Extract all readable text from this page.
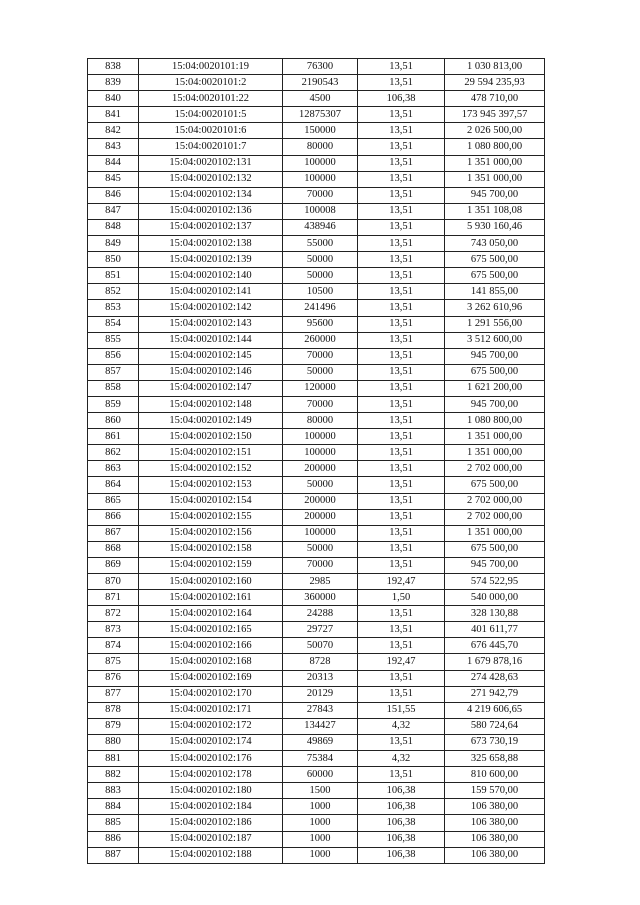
838	15:04:0020101:19	76300	13,51	1 030 813,00
839	15:04:0020101:2	2190543	13,51	29 594 235,93
840	15:04:0020101:22	4500	106,38	478 710,00
841	15:04:0020101:5	12875307	13,51	173 945 397,57
842	15:04:0020101:6	150000	13,51	2 026 500,00
843	15:04:0020101:7	80000	13,51	1 080 800,00
844	15:04:0020102:131	100000	13,51	1 351 000,00
845	15:04:0020102:132	100000	13,51	1 351 000,00
846	15:04:0020102:134	70000	13,51	945 700,00
847	15:04:0020102:136	100008	13,51	1 351 108,08
848	15:04:0020102:137	438946	13,51	5 930 160,46
849	15:04:0020102:138	55000	13,51	743 050,00
850	15:04:0020102:139	50000	13,51	675 500,00
851	15:04:0020102:140	50000	13,51	675 500,00
852	15:04:0020102:141	10500	13,51	141 855,00
853	15:04:0020102:142	241496	13,51	3 262 610,96
854	15:04:0020102:143	95600	13,51	1 291 556,00
855	15:04:0020102:144	260000	13,51	3 512 600,00
856	15:04:0020102:145	70000	13,51	945 700,00
857	15:04:0020102:146	50000	13,51	675 500,00
858	15:04:0020102:147	120000	13,51	1 621 200,00
859	15:04:0020102:148	70000	13,51	945 700,00
860	15:04:0020102:149	80000	13,51	1 080 800,00
861	15:04:0020102:150	100000	13,51	1 351 000,00
862	15:04:0020102:151	100000	13,51	1 351 000,00
863	15:04:0020102:152	200000	13,51	2 702 000,00
864	15:04:0020102:153	50000	13,51	675 500,00
865	15:04:0020102:154	200000	13,51	2 702 000,00
866	15:04:0020102:155	200000	13,51	2 702 000,00
867	15:04:0020102:156	100000	13,51	1 351 000,00
868	15:04:0020102:158	50000	13,51	675 500,00
869	15:04:0020102:159	70000	13,51	945 700,00
870	15:04:0020102:160	2985	192,47	574 522,95
871	15:04:0020102:161	360000	1,50	540 000,00
872	15:04:0020102:164	24288	13,51	328 130,88
873	15:04:0020102:165	29727	13,51	401 611,77
874	15:04:0020102:166	50070	13,51	676 445,70
875	15:04:0020102:168	8728	192,47	1 679 878,16
876	15:04:0020102:169	20313	13,51	274 428,63
877	15:04:0020102:170	20129	13,51	271 942,79
878	15:04:0020102:171	27843	151,55	4 219 606,65
879	15:04:0020102:172	134427	4,32	580 724,64
880	15:04:0020102:174	49869	13,51	673 730,19
881	15:04:0020102:176	75384	4,32	325 658,88
882	15:04:0020102:178	60000	13,51	810 600,00
883	15:04:0020102:180	1500	106,38	159 570,00
884	15:04:0020102:184	1000	106,38	106 380,00
885	15:04:0020102:186	1000	106,38	106 380,00
886	15:04:0020102:187	1000	106,38	106 380,00
887	15:04:0020102:188	1000	106,38	106 380,00
